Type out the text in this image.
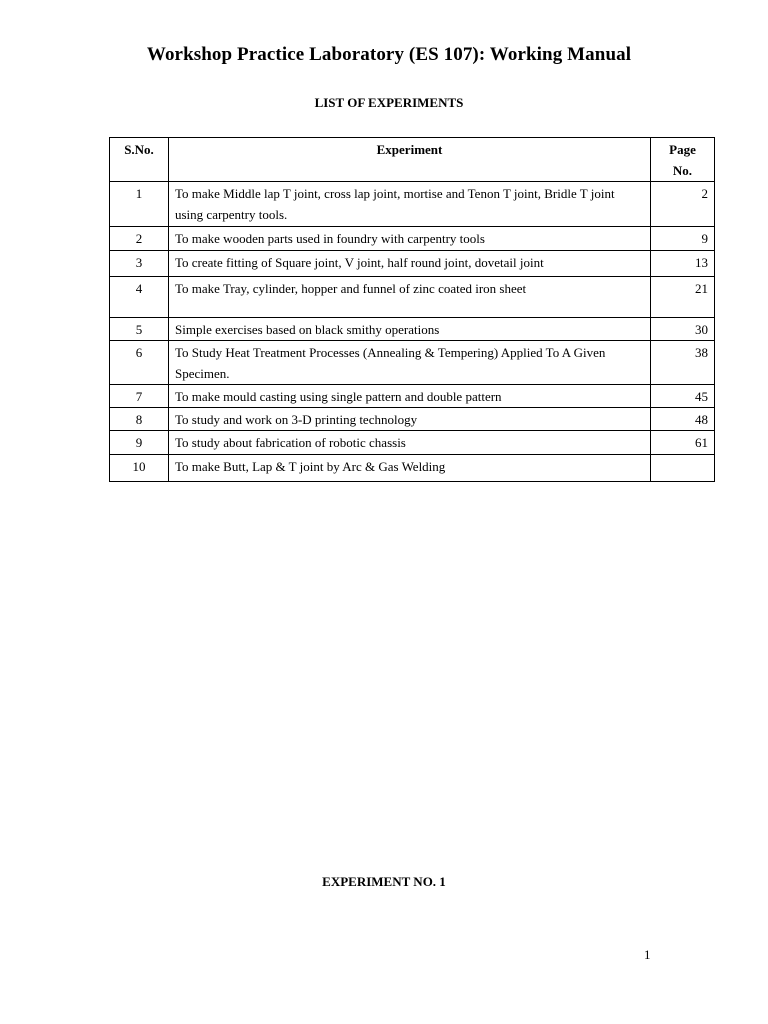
Workshop Practice Laboratory (ES 107): Working Manual
LIST OF EXPERIMENTS
S.No.	Experiment	Page
No.

1	To make Middle lap T joint, cross lap joint, mortise and Tenon T joint, Bridle T joint using carpentry tools.	2
2	To make wooden parts used in foundry with carpentry tools	9
3	To create fitting of Square joint, V joint, half round joint, dovetail joint	13
4	To make Tray, cylinder, hopper and funnel of zinc coated iron sheet	21
5	Simple exercises based on black smithy operations	30
6	To Study Heat Treatment Processes (Annealing & Tempering) Applied To A Given Specimen.	38
7	To make mould casting using single pattern and double pattern	45
8	To study and work on 3-D printing technology	48
9	To study about fabrication of robotic chassis	61
10	To make Butt, Lap & T joint by Arc & Gas Welding	
EXPERIMENT NO. 1
1
